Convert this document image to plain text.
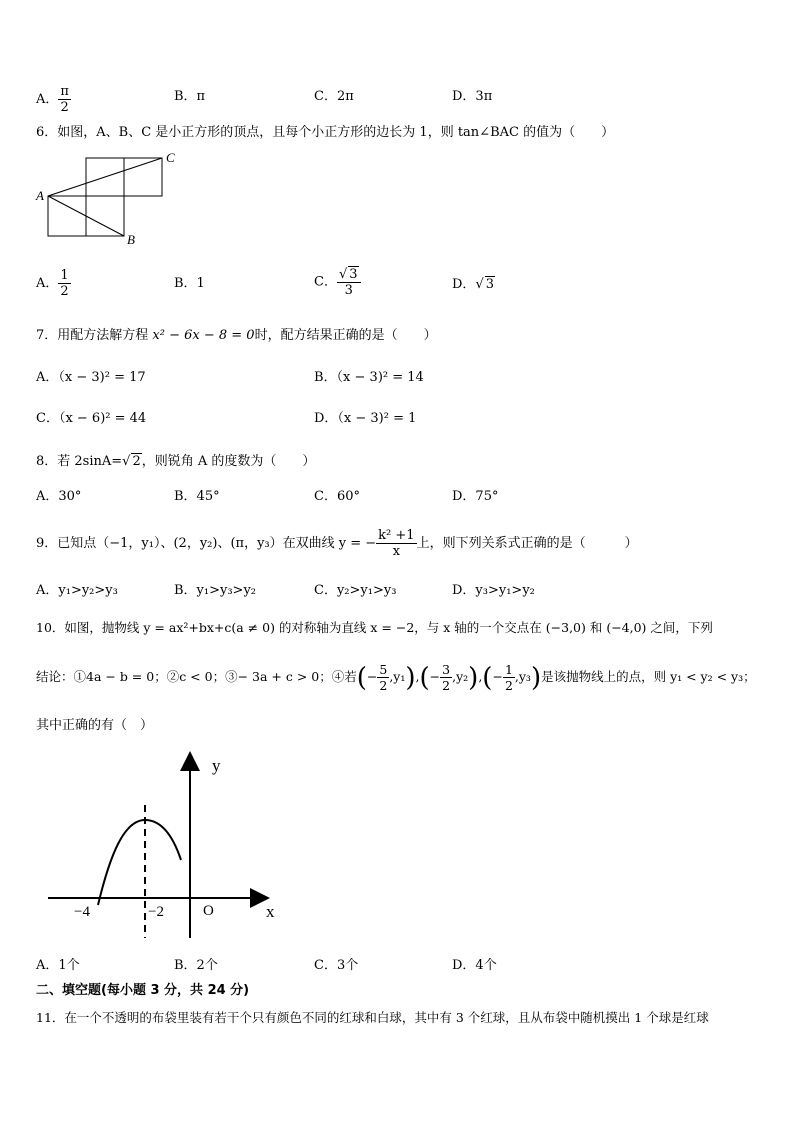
A． $\frac{\pi}{2}$	B．π	C．2π	D．3π
6．如图，A、B、C 是小正方形的顶点，且每个小正方形的边长为 1，则 tan∠BAC 的值为（　　）
A
B
C
A． $\frac{1}{2}$	B．1	C． $\frac{√ 3}{3}$	D．√ 3
7．用配方法解方程 x² − 6x − 8 = 0时，配方结果正确的是（　　）
A．（x − 3)² = 17	B．（x − 3)² = 14
C．（x − 6)² = 44	D．（x − 3)² = 1
8．若 2sinA=√ 2，则锐角 A 的度数为（　　）
A．30°	B．45°	C．60°	D．75°
9．已知点（−1，y₁）、(2，y₂)、(π，y₃）在双曲线 y = − $\frac{\text{k² +1}}{x}$ 上，则下列关系式正确的是（　　　）
A．y₁>y₂>y₃	B．y₁>y₃>y₂	C．y₂>y₁>y₃	D．y₃>y₁>y₂
10．如图，抛物线 y = ax²+bx+c(a ≠ 0) 的对称轴为直线 x = −2，与 x 轴的一个交点在 (−3,0) 和 (−4,0) 之间，下列
结论：①4a − b = 0；②c < 0；③− 3a + c > 0；④若(− $\frac{5}{2} ,y_1),(- \frac{3}{2} ,y_2),(- \frac{1}{2} ,y_3)$是该抛物线上的点，则 y₁ < y₂ < y₃；
其中正确的有（　）
y
x
O
−4	−2
A．1个	B．2个	C．3个	D．4个
二、填空题(每小题 3 分，共 24 分)
11．在一个不透明的布袋里装有若干个只有颜色不同的红球和白球，其中有 3 个红球，且从布袋中随机摸出 1 个球是红球
